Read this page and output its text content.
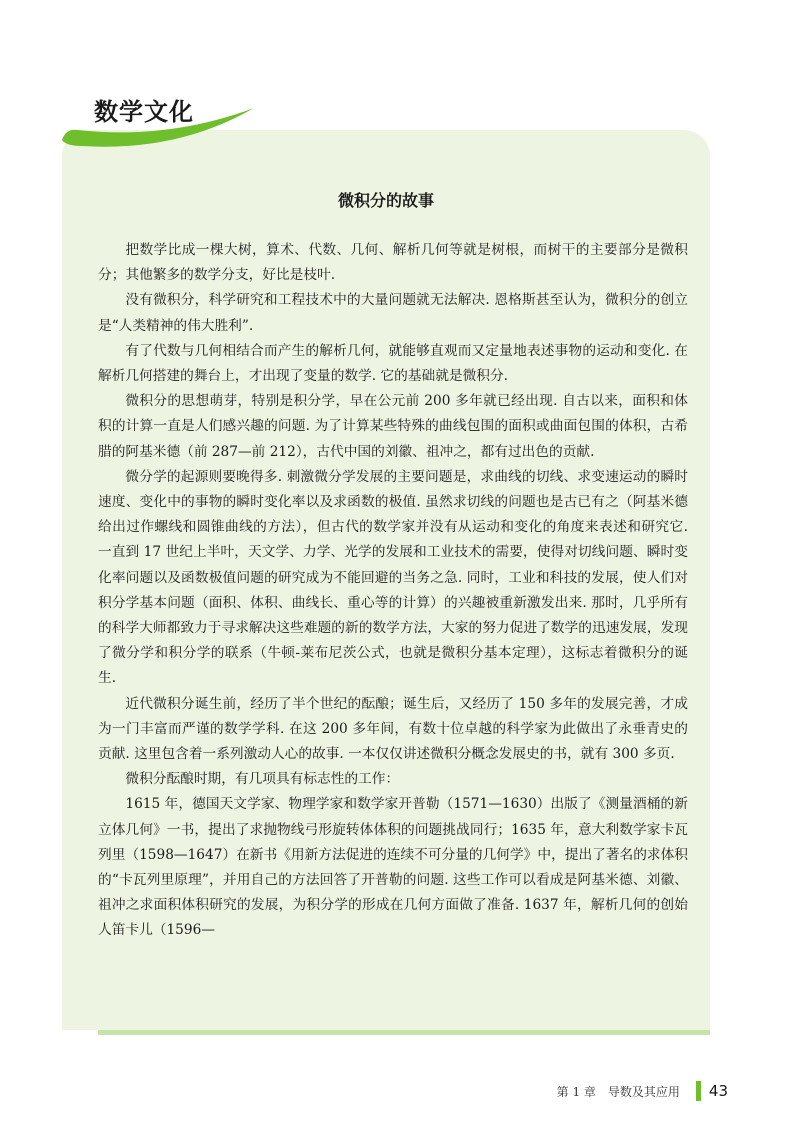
数学文化
微积分的故事

把数学比成一棵大树，算术、代数、几何、解析几何等就是树根，而树干的主要部分是微积分；其他繁多的数学分支，好比是枝叶.

没有微积分，科学研究和工程技术中的大量问题就无法解决. 恩格斯甚至认为，微积分的创立是“人类精神的伟大胜利”.

有了代数与几何相结合而产生的解析几何，就能够直观而又定量地表述事物的运动和变化. 在解析几何搭建的舞台上，才出现了变量的数学. 它的基础就是微积分.

微积分的思想萌芽，特别是积分学，早在公元前 200 多年就已经出现. 自古以来，面积和体积的计算一直是人们感兴趣的问题. 为了计算某些特殊的曲线包围的面积或曲面包围的体积，古希腊的阿基米德（前 287—前 212），古代中国的刘徽、祖冲之，都有过出色的贡献.

微分学的起源则要晚得多. 刺激微分学发展的主要问题是，求曲线的切线、求变速运动的瞬时速度、变化中的事物的瞬时变化率以及求函数的极值. 虽然求切线的问题也是古已有之（阿基米德给出过作螺线和圆锥曲线的方法），但古代的数学家并没有从运动和变化的角度来表述和研究它. 一直到 17 世纪上半叶，天文学、力学、光学的发展和工业技术的需要，使得对切线问题、瞬时变化率问题以及函数极值问题的研究成为不能回避的当务之急. 同时，工业和科技的发展，使人们对积分学基本问题（面积、体积、曲线长、重心等的计算）的兴趣被重新激发出来. 那时，几乎所有的科学大师都致力于寻求解决这些难题的新的数学方法，大家的努力促进了数学的迅速发展，发现了微分学和积分学的联系（牛顿-莱布尼茨公式，也就是微积分基本定理），这标志着微积分的诞生.

近代微积分诞生前，经历了半个世纪的酝酿；诞生后，又经历了 150 多年的发展完善，才成为一门丰富而严谨的数学学科. 在这 200 多年间，有数十位卓越的科学家为此做出了永垂青史的贡献. 这里包含着一系列激动人心的故事. 一本仅仅讲述微积分概念发展史的书，就有 300 多页.

微积分酝酿时期，有几项具有标志性的工作：

1615 年，德国天文学家、物理学家和数学家开普勒（1571—1630）出版了《测量酒桶的新立体几何》一书，提出了求抛物线弓形旋转体体积的问题挑战同行；1635 年，意大利数学家卡瓦列里（1598—1647）在新书《用新方法促进的连续不可分量的几何学》中，提出了著名的求体积的“卡瓦列里原理”，并用自己的方法回答了开普勒的问题. 这些工作可以看成是阿基米德、刘徽、祖冲之求面积体积研究的发展，为积分学的形成在几何方面做了准备. 1637 年，解析几何的创始人笛卡儿（1596—

第 1 章　导数及其应用 43
